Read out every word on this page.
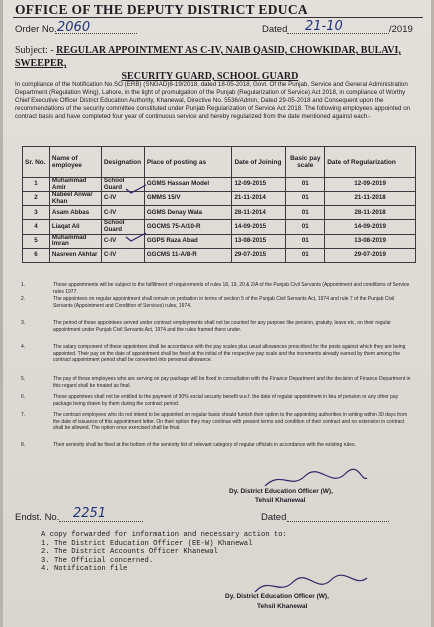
OFFICE OF THE DEPUTY DISTRICT EDUCA
Order No. 2060	Dated 21-10	/2019
Subject: - REGULAR APPOINTMENT AS C-IV, NAIB QASID, CHOWKIDAR, BULAVI, SWEEPER,
SECURITY GUARD, SCHOOL GUARD
In compliance of the Notification No.SO (ERB) (SNGAD)8-19/2018, dated 18-05-2018, Govt. Of the Punjab, Service and General Administration Department (Regulation Wing), Lahore, in the light of promulgation of the Punjab (Regularization of Service) Act 2018, in compliance of Worthy Chief Executive Officer District Education Authority, Khanewal, Directive No. 5536/Admin, Dated 29-05-2018 and Consequent upon the recommendations of the security committee constituted under Punjab Regularization of Service Act 2018. The following employees appointed on contract basis and have completed four year of continuous service and hereby regularized from the date mentioned against each:-
Sr. No.	Name of employee	Designation	Place of posting as	Date of Joining	Basic pay scale	Date of Regularization
1	Muhammad Amir	School Guard	GGMS Hassan Model	12-09-2015	01	12-09-2019
2	Nabeel Anwar Khan	C-IV	GMMS 15/V	21-11-2014	01	21-11-2018
3	Asam Abbas	C-IV	GGMS Denay Wala	28-11-2014	01	28-11-2018
4	Liaqat Ali	School Guard	GGCMS 75-A/10-R	14-09-2015	01	14-09-2019
5	Muhammad Imran	C-IV	GGPS Raza Abad	13-08-2015	01	13-08-2019
6	Nasreen Akhtar	C-IV	GGCMS 11-A/8-R	29-07-2015	01	29-07-2019
1.	These appointments will be subject to the fulfillment of requirements of rules 18, 19, 20 & 2/A of the Punjab Civil Servants (Appointment and conditions of Service rules 1977.
2.	The appointees on regular appointment shall remain on probation in terms of section 5 of the Punjab Civil Servants Act, 1974 and rule 7 of the Punjab Civil Servants (Appointment and Condition of Services) rules, 1974.
3.	The period of these appointees served under contract employments shall not be counted for any purpose like pension, gratuity, leave etc, on their regular appointment under Punjab Civil Servants Act, 1974 and the rules framed there under.
4.	The salary component of these appointees shall be accordance with the pay scales plus usual allowances prescribed for the posts against which they are being appointed. Their pay on the date of appointment shall be fixed at the initial of the respective pay scale and the increments already earned by them among the contract appointment period shall be converted into personal allowance.
5.	The pay of those employees who are serving on pay package will be fixed in consultation with the Finance Department and the decision of Finance Department in this regard shall be treated as final.
6.	These appointees shall not be entitled to the payment of 30% social security benefit w.e.f. the date of regular appointment in lieu of pension or any other pay package being drawn by them during the contract period.
7.	The contract employees who do not intend to be appointed on regular basis should furnish their option to the appointing authorities in writing within 30 days from the date of issuance of this appointment letter. On their option they may continue with present terms and condition of their contract and no extension in contract shall be allowed. The option once exercised shall be final.
8.	Their seniority shall be fixed at the bottom of the seniority list of relevant category of regular officials in accordance with the existing rules.
Dy. District Education Officer (W),
Tehsil Khanewal
Endst. No. 2251	Dated
A copy forwarded for information and necessary action to:
1. The District Education Officer (EE-W) Khanewal
2. The District Accounts Officer Khanewal
3. The Official concerned.
4. Notification file
Dy. District Education Officer (W),
Tehsil Khanewal
